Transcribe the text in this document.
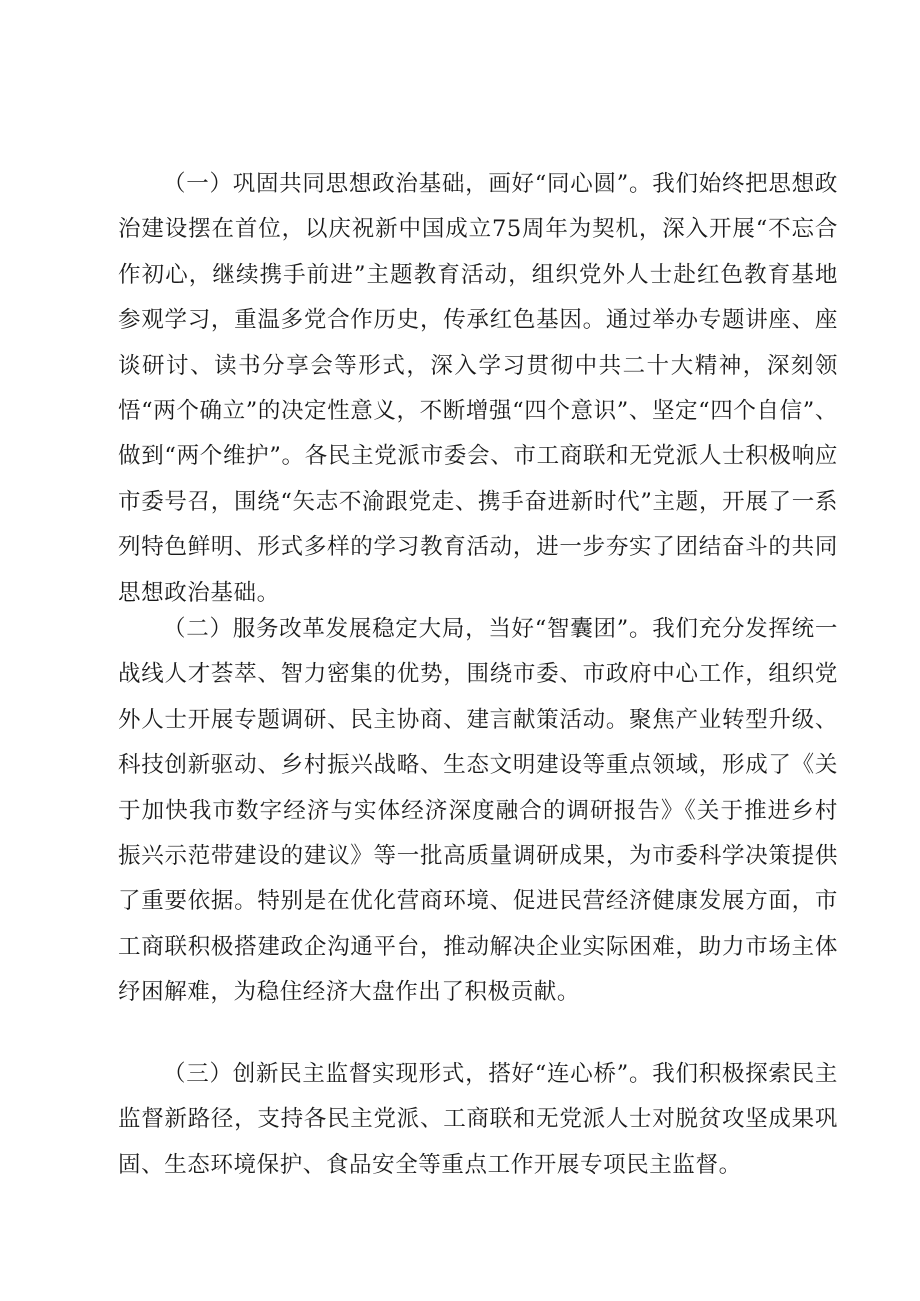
（一）巩固共同思想政治基础，画好“同心圆”。我们始终把思想政治建设摆在首位，以庆祝新中国成立75周年为契机，深入开展“不忘合作初心，继续携手前进”主题教育活动，组织党外人士赴红色教育基地参观学习，重温多党合作历史，传承红色基因。通过举办专题讲座、座谈研讨、读书分享会等形式，深入学习贯彻中共二十大精神，深刻领悟“两个确立”的决定性意义，不断增强“四个意识”、坚定“四个自信”、做到“两个维护”。各民主党派市委会、市工商联和无党派人士积极响应市委号召，围绕“矢志不渝跟党走、携手奋进新时代”主题，开展了一系列特色鲜明、形式多样的学习教育活动，进一步夯实了团结奋斗的共同思想政治基础。

（二）服务改革发展稳定大局，当好“智囊团”。我们充分发挥统一战线人才荟萃、智力密集的优势，围绕市委、市政府中心工作，组织党外人士开展专题调研、民主协商、建言献策活动。聚焦产业转型升级、科技创新驱动、乡村振兴战略、生态文明建设等重点领域，形成了《关于加快我市数字经济与实体经济深度融合的调研报告》《关于推进乡村振兴示范带建设的建议》等一批高质量调研成果，为市委科学决策提供了重要依据。特别是在优化营商环境、促进民营经济健康发展方面，市工商联积极搭建政企沟通平台，推动解决企业实际困难，助力市场主体纾困解难，为稳住经济大盘作出了积极贡献。

（三）创新民主监督实现形式，搭好“连心桥”。我们积极探索民主监督新路径，支持各民主党派、工商联和无党派人士对脱贫攻坚成果巩固、生态环境保护、食品安全等重点工作开展专项民主监督。
